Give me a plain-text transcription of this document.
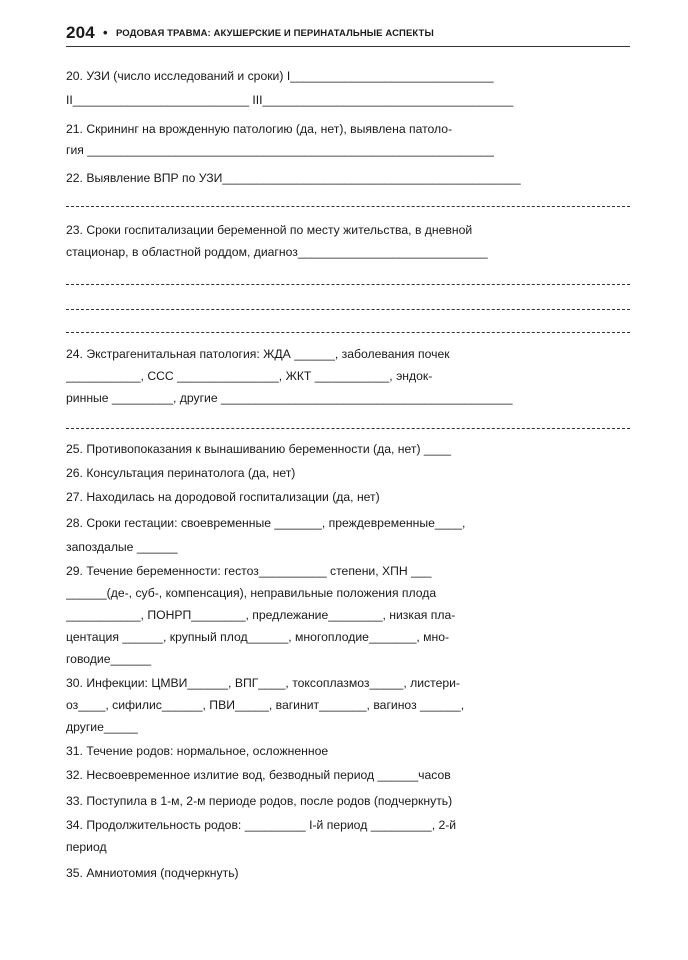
204 • РОДОВАЯ ТРАВМА: АКУШЕРСКИЕ И ПЕРИНАТАЛЬНЫЕ АСПЕКТЫ
20. УЗИ (число исследований и сроки) I______________________________
II__________________________ III_____________________________________
21. Скрининг на врожденную патологию (да, нет), выявлена патоло-
гия ____________________________________________________________
22. Выявление ВПР по УЗИ____________________________________________
23. Сроки госпитализации беременной по месту жительства, в дневной
стационар, в областной роддом, диагноз____________________________
24. Экстрагенитальная патология: ЖДА ______, заболевания почек
___________, ССС _______________, ЖКТ ___________, эндок-
ринные _________, другие ___________________________________________
25. Противопоказания к вынашиванию беременности (да, нет) ____
26. Консультация перинатолога (да, нет)
27. Находилась на дородовой госпитализации (да, нет)
28. Сроки гестации: своевременные _______, преждевременные____,
запоздалые ______
29. Течение беременности: гестоз__________ степени, ХПН ___
______(де-, суб-, компенсация), неправильные положения плода
___________, ПОНРП________, предлежание________, низкая пла-
центация ______, крупный плод______, многоплодие_______, мно-
говодие______
30. Инфекции: ЦМВИ______, ВПГ____, токсоплазмоз_____, листери-
оз____, сифилис______, ПВИ_____, вагинит_______, вагиноз ______,
другие_____
31. Течение родов: нормальное, осложненное
32. Несвоевременное излитие вод, безводный период ______часов
33. Поступила в 1-м, 2-м периоде родов, после родов (подчеркнуть)
34. Продолжительность родов: _________ I-й период _________, 2-й
период
35. Амниотомия (подчеркнуть)
